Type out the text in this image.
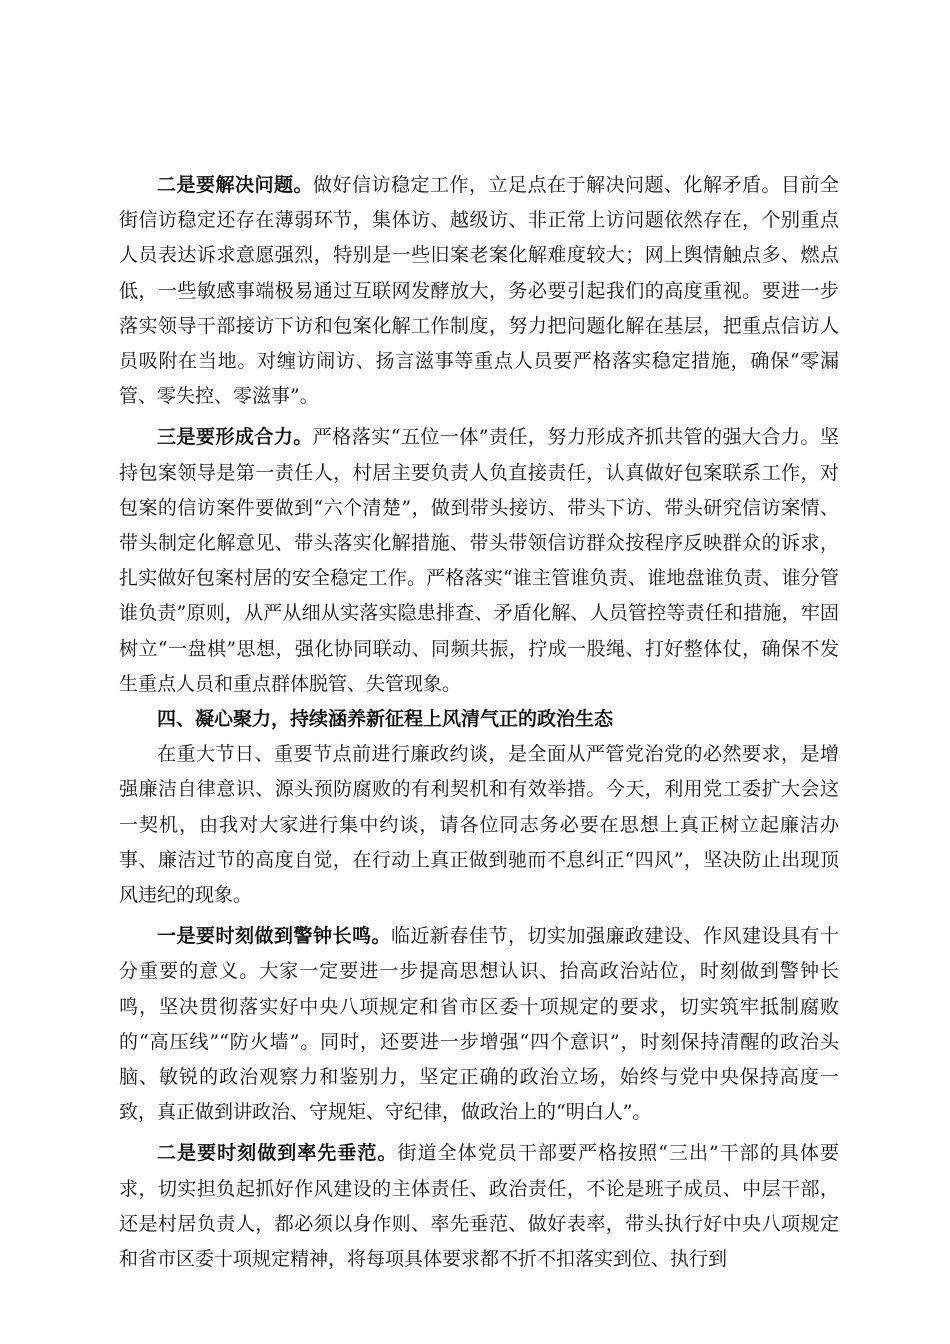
二是要解决问题。做好信访稳定工作，立足点在于解决问题、化解矛盾。目前全街信访稳定还存在薄弱环节，集体访、越级访、非正常上访问题依然存在，个别重点人员表达诉求意愿强烈，特别是一些旧案老案化解难度较大；网上舆情触点多、燃点低，一些敏感事端极易通过互联网发酵放大，务必要引起我们的高度重视。要进一步落实领导干部接访下访和包案化解工作制度，努力把问题化解在基层，把重点信访人员吸附在当地。对缠访闹访、扬言滋事等重点人员要严格落实稳定措施，确保“零漏管、零失控、零滋事”。

三是要形成合力。严格落实“五位一体”责任，努力形成齐抓共管的强大合力。坚持包案领导是第一责任人，村居主要负责人负直接责任，认真做好包案联系工作，对包案的信访案件要做到“六个清楚”，做到带头接访、带头下访、带头研究信访案情、带头制定化解意见、带头落实化解措施、带头带领信访群众按程序反映群众的诉求，扎实做好包案村居的安全稳定工作。严格落实“谁主管谁负责、谁地盘谁负责、谁分管谁负责”原则，从严从细从实落实隐患排查、矛盾化解、人员管控等责任和措施，牢固树立“一盘棋”思想，强化协同联动、同频共振，拧成一股绳、打好整体仗，确保不发生重点人员和重点群体脱管、失管现象。

四、凝心聚力，持续涵养新征程上风清气正的政治生态

在重大节日、重要节点前进行廉政约谈，是全面从严管党治党的必然要求，是增强廉洁自律意识、源头预防腐败的有利契机和有效举措。今天，利用党工委扩大会这一契机，由我对大家进行集中约谈，请各位同志务必要在思想上真正树立起廉洁办事、廉洁过节的高度自觉，在行动上真正做到驰而不息纠正“四风”，坚决防止出现顶风违纪的现象。

一是要时刻做到警钟长鸣。临近新春佳节，切实加强廉政建设、作风建设具有十分重要的意义。大家一定要进一步提高思想认识、抬高政治站位，时刻做到警钟长鸣，坚决贯彻落实好中央八项规定和省市区委十项规定的要求，切实筑牢抵制腐败的“高压线”“防火墙”。同时，还要进一步增强“四个意识”，时刻保持清醒的政治头脑、敏锐的政治观察力和鉴别力，坚定正确的政治立场，始终与党中央保持高度一致，真正做到讲政治、守规矩、守纪律，做政治上的“明白人”。

二是要时刻做到率先垂范。街道全体党员干部要严格按照“三出”干部的具体要求，切实担负起抓好作风建设的主体责任、政治责任，不论是班子成员、中层干部，还是村居负责人，都必须以身作则、率先垂范、做好表率，带头执行好中央八项规定和省市区委十项规定精神，将每项具体要求都不折不扣落实到位、执行到
